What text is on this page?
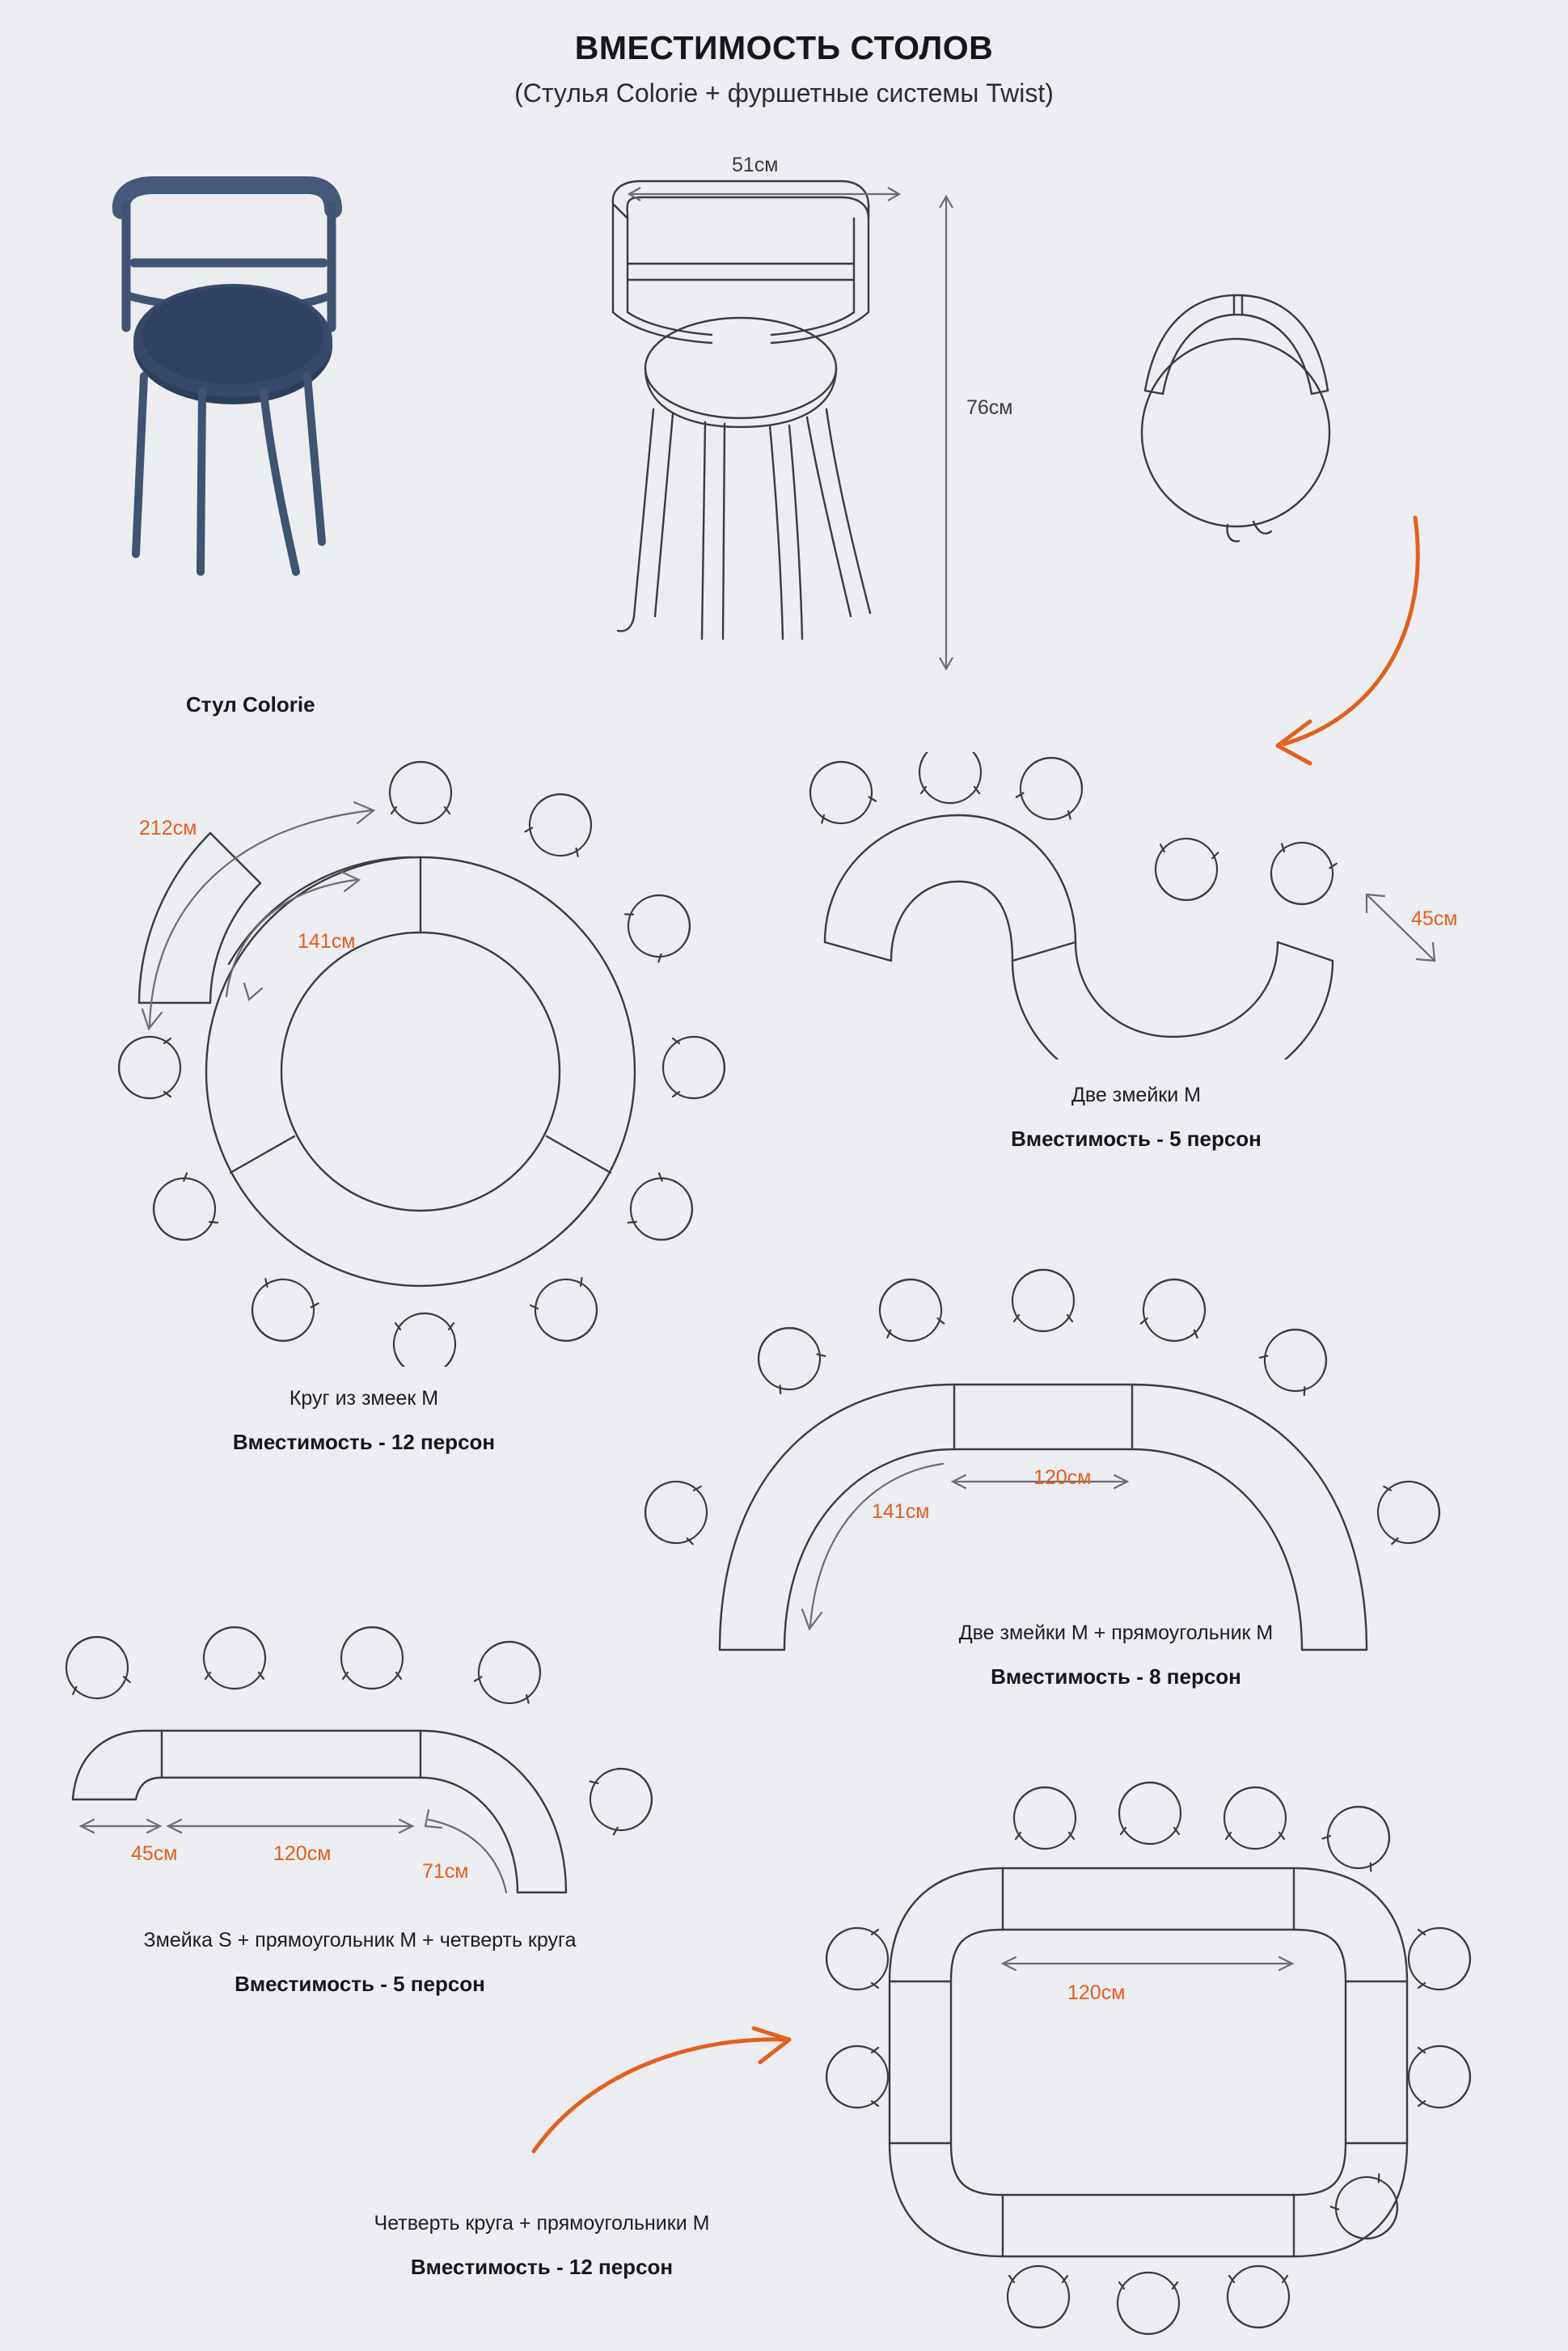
ВМЕСТИМОСТЬ СТОЛОВ

(Стулья Colorie + фуршетные системы Twist)

Стул Colorie
51см
76см
212см
141см
Круг из змеек М
Вместимость - 12 персон
45см
Две змейки М
Вместимость - 5 персон
120см
141см
Две змейки М + прямоугольник М
Вместимость - 8 персон
45см	120см
71см
Змейка S + прямоугольник М + четверть круга
Вместимость - 5 персон	120см
Четверть круга + прямоугольники М
Вместимость - 12 персон
